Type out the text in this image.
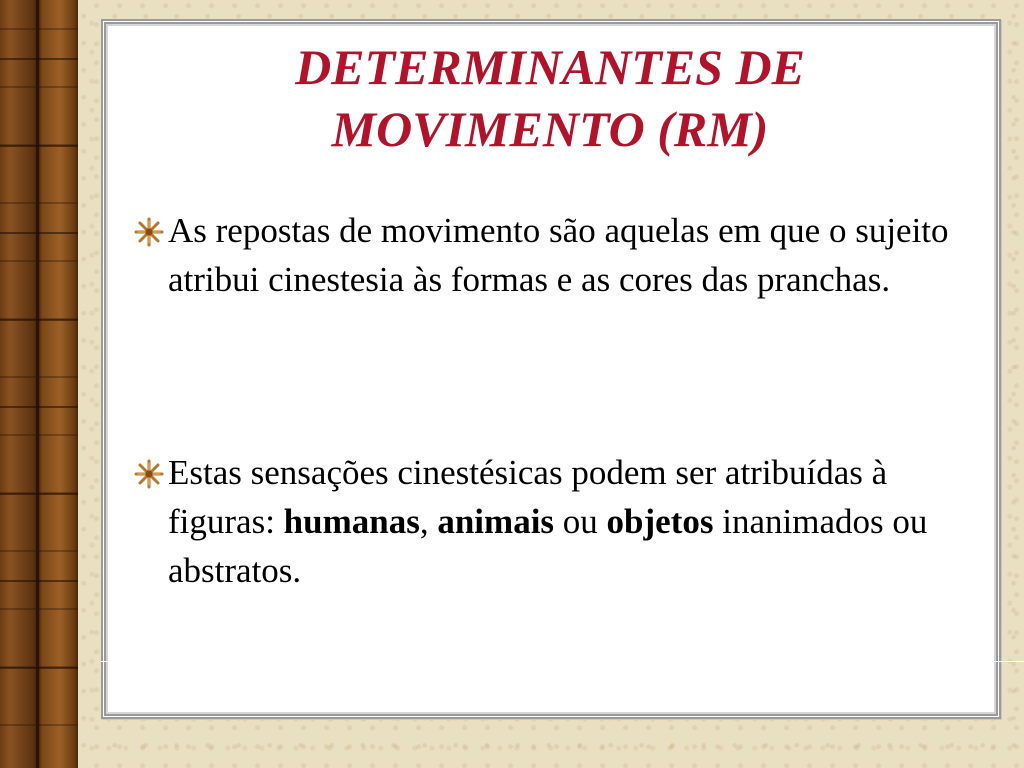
DETERMINANTES DE
MOVIMENTO (RM)
As repostas de movimento são aquelas em que o sujeito atribui cinestesia às formas e as cores das pranchas.
Estas sensações cinestésicas podem ser atribuídas à figuras: humanas, animais ou objetos inanimados ou abstratos.
